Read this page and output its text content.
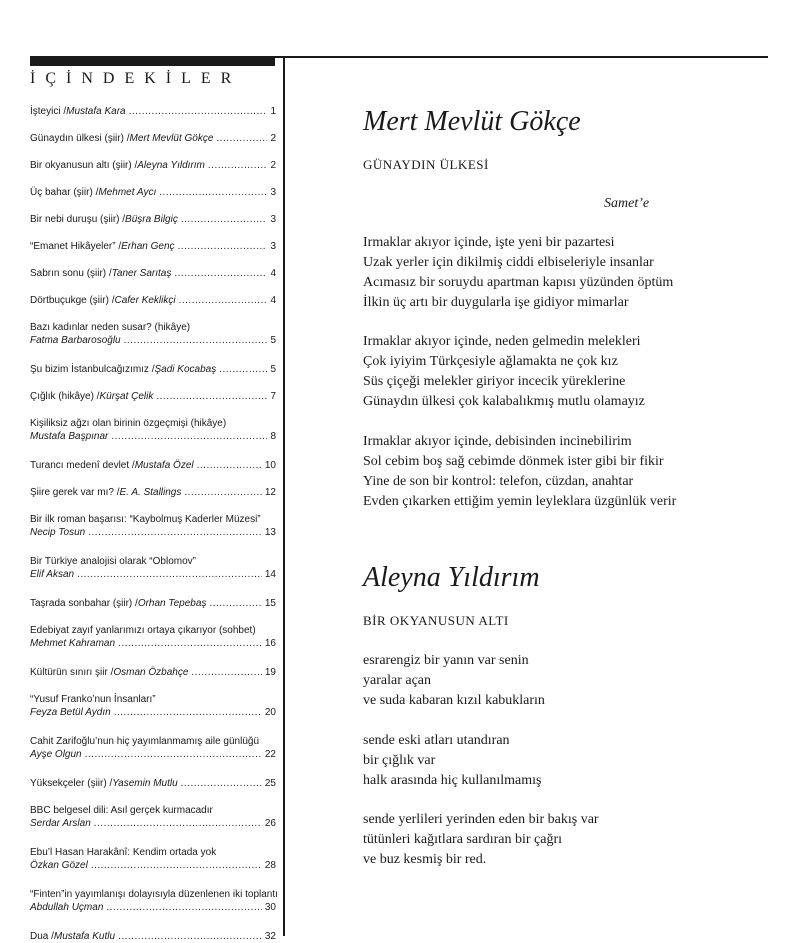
İÇİNDEKİLER
İşteyici / Mustafa Kara .....	1
Günaydın ülkesi (şiir) / Mert Mevlüt Gökçe .....	2
Bir okyanusun altı (şiir) / Aleyna Yıldırım .....	2
Üç bahar (şiir) / Mehmet Aycı .....	3
Bir nebi duruşu (şiir) / Büşra Bilgiç .....	3
“Emanet Hikâyeler” / Erhan Genç .....	3
Sabrın sonu (şiir) / Taner Sarıtaş .....	4
Dörtbuçukge (şiir) / Cafer Keklikçi .....	4
Bazı kadınlar neden susar? (hikâye)
Fatma Barbarosoğlu .....	5
Şu bizim İstanbulcağızımız / Şadi Kocabaş .....	5
Çığlık (hikâye) / Kürşat Çelik .....	7
Kişiliksiz ağzı olan birinin özgeçmişi (hikâye)
Mustafa Başpınar .....	8
Turancı medenî devlet / Mustafa Özel .....	10
Şiire gerek var mı? / E. A. Stallings .....	12
Bir ilk roman başarısı: “Kaybolmuş Kaderler Müzesi”
Necip Tosun .....	13
Bir Türkiye analojisi olarak “Oblomov”
Elif Aksan .....	14
Taşrada sonbahar (şiir) / Orhan Tepebaş .....	15
Edebiyat zayıf yanlarımızı ortaya çıkarıyor (sohbet)
Mehmet Kahraman .....	16
Kültürün sınırı şiir / Osman Özbahçe .....	19
“Yusuf Franko’nun İnsanları”
Feyza Betül Aydın .....	20
Cahit Zarifoğlu’nun hiç yayımlanmamış aile günlüğü
Ayşe Olgun .....	22
Yüksekçeler (şiir) / Yasemin Mutlu .....	25
BBC belgesel dili: Asıl gerçek kurmacadır
Serdar Arslan .....	26
Ebu’l Hasan Harakânî: Kendim ortada yok
Özkan Gözel .....	28
“Finten”in yayımlanışı dolayısıyla düzenlenen iki toplantı
Abdullah Uçman .....	30
Dua / Mustafa Kutlu .....	32
Mert Mevlüt Gökçe
GÜNAYDIN ÜLKESİ
Samet’e
Irmaklar akıyor içinde, işte yeni bir pazartesi
Uzak yerler için dikilmiş ciddi elbiseleriyle insanlar
Acımasız bir soruydu apartman kapısı yüzünden öptüm
İlkin üç artı bir duygularla işe gidiyor mimarlar
Irmaklar akıyor içinde, neden gelmedin melekleri
Çok iyiyim Türkçesiyle ağlamakta ne çok kız
Süs çiçeği melekler giriyor incecik yüreklerine
Günaydın ülkesi çok kalabalıkmış mutlu olamayız
Irmaklar akıyor içinde, debisinden incinebilirim
Sol cebim boş sağ cebimde dönmek ister gibi bir fikir
Yine de son bir kontrol: telefon, cüzdan, anahtar
Evden çıkarken ettiğim yemin leyleklara üzgünlük verir
Aleyna Yıldırım
BİR OKYANUSUN ALTI
esrarengiz bir yanın var senin
yaralar açan
ve suda kabaran kızıl kabukların
sende eski atları utandıran
bir çığlık var
halk arasında hiç kullanılmamış
sende yerlileri yerinden eden bir bakış var
tütünleri kağıtlara sardıran bir çağrı
ve buz kesmiş bir red.
